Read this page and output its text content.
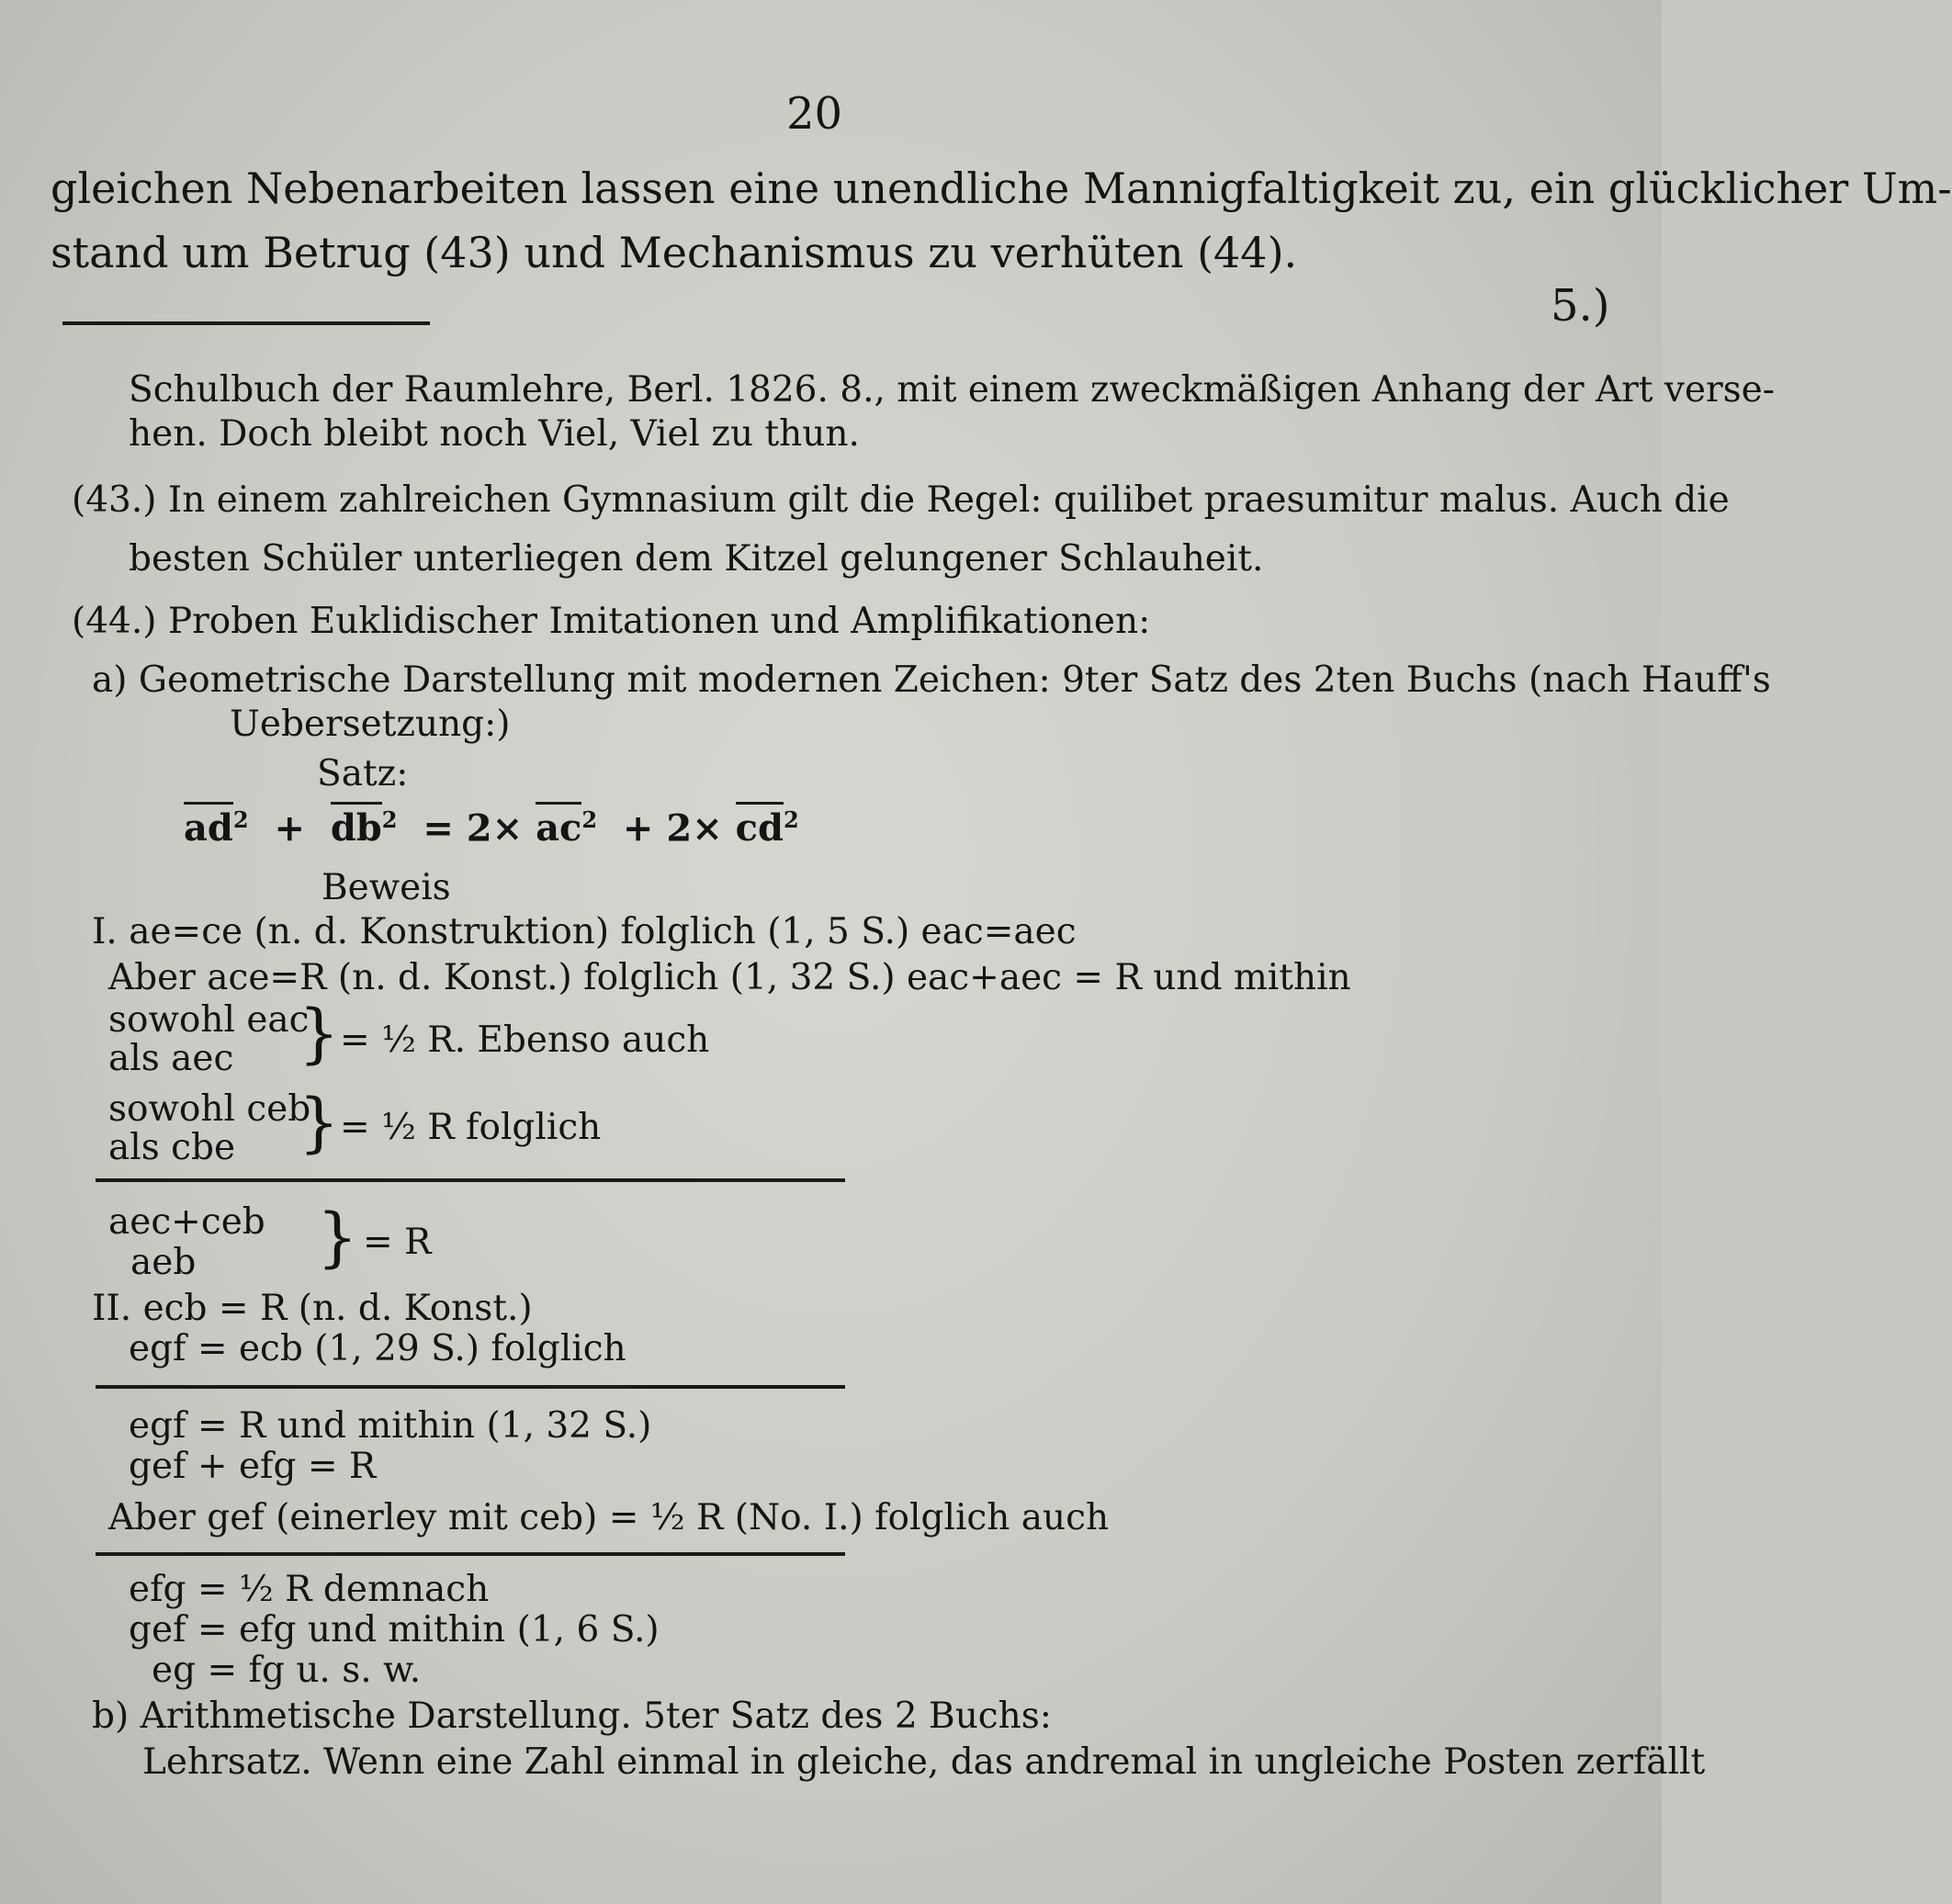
20
gleichen Nebenarbeiten lassen eine unendliche Mannigfaltigkeit zu, ein glücklicher Um-
stand um Betrug (43) und Mechanismus zu verhüten (44).
5.)
Schulbuch der Raumlehre, Berl. 1826. 8., mit einem zweckmäßigen Anhang der Art verse-
hen. Doch bleibt noch Viel, Viel zu thun.
(43.) In einem zahlreichen Gymnasium gilt die Regel: quilibet praesumitur malus. Auch die
besten Schüler unterliegen dem Kitzel gelungener Schlauheit.
(44.) Proben Euklidischer Imitationen und Amplifikationen:
a) Geometrische Darstellung mit modernen Zeichen: 9ter Satz des 2ten Buchs (nach Hauff's
Uebersetzung:)
Satz:
$ad^2 + db^2 = 2\times ac^2 + 2\times cd^2$
Beweis
I. ae=ce (n. d. Konstruktion) folglich (1, 5 S.) eac=aec
Aber ace=R (n. d. Konst.) folglich (1, 32 S.) eac+aec = R und mithin
sowohl eac
als aec } = ½ R. Ebenso auch
sowohl ceb
als cbe } = ½ R folglich
aec+ceb
aeb } = R
II. ecb = R (n. d. Konst.)
egf = ecb (1, 29 S.) folglich
egf = R und mithin (1, 32 S.)
gef + efg = R
Aber gef (einerley mit ceb) = ½ R (No. I.) folglich auch
efg = ½ R demnach
gef = efg und mithin (1, 6 S.)
eg = fg u. s. w.
b) Arithmetische Darstellung. 5ter Satz des 2 Buchs:
Lehrsatz. Wenn eine Zahl einmal in gleiche, das andremal in ungleiche Posten zerfällt
